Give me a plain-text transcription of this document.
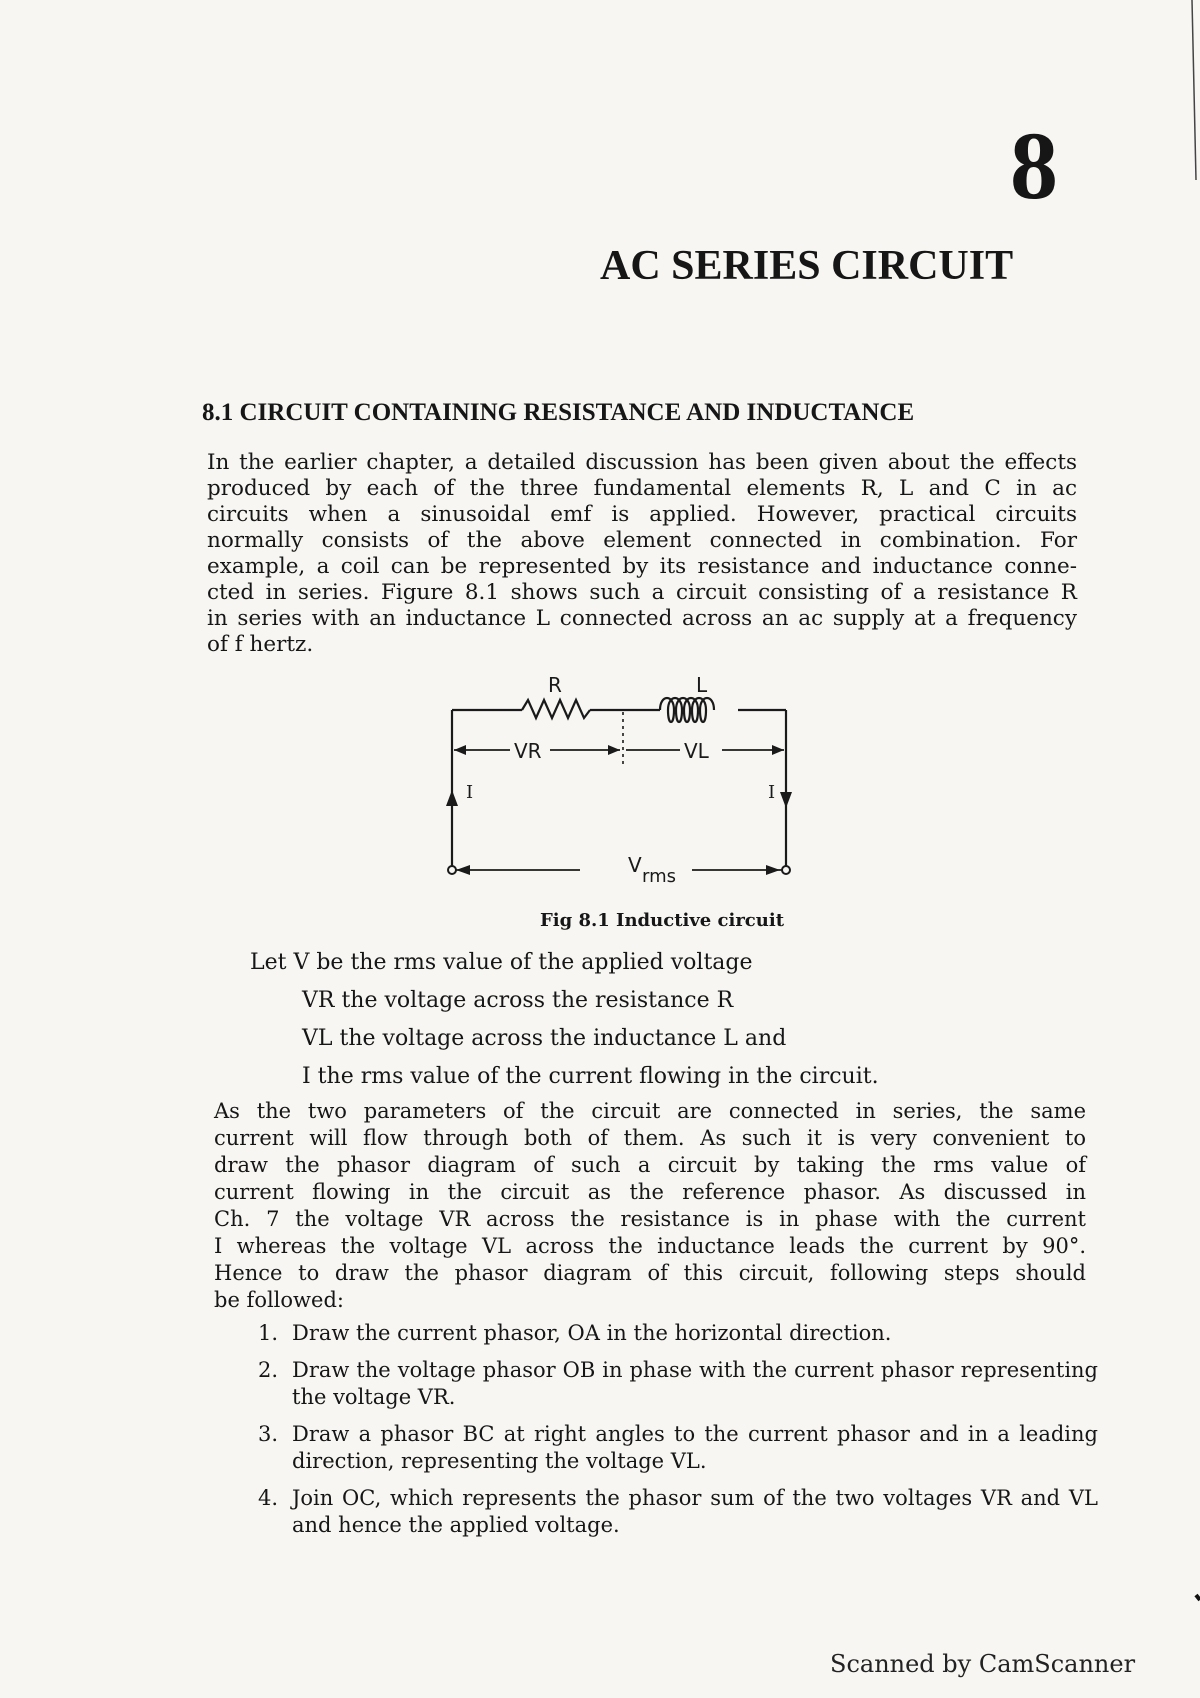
8
AC SERIES CIRCUIT
8.1 CIRCUIT CONTAINING RESISTANCE AND INDUCTANCE

In the earlier chapter, a detailed discussion has been given about the effects
produced by each of the three fundamental elements R, L and C in ac
circuits when a sinusoidal emf is applied. However, practical circuits
normally consists of the above element connected in combination. For
example, a coil can be represented by its resistance and inductance conne-
cted in series. Figure 8.1 shows such a circuit consisting of a resistance R
in series with an inductance L connected across an ac supply at a frequency
of f hertz.

R	L
VR	VL
I	I
V rms
Fig 8.1 Inductive circuit
Let V be the rms value of the applied voltage
VR the voltage across the resistance R
VL the voltage across the inductance L and
I the rms value of the current flowing in the circuit.

As the two parameters of the circuit are connected in series, the same
current will flow through both of them. As such it is very convenient to
draw the phasor diagram of such a circuit by taking the rms value of
current flowing in the circuit as the reference phasor. As discussed in
Ch. 7 the voltage VR across the resistance is in phase with the current
I whereas the voltage VL across the inductance leads the current by 90°.
Hence to draw the phasor diagram of this circuit, following steps should
be followed:

1. Draw the current phasor, OA in the horizontal direction.
2. Draw the voltage phasor OB in phase with the current phasor representing the voltage VR.
3. Draw a phasor BC at right angles to the current phasor and in a leading direction, representing the voltage VL.
4. Join OC, which represents the phasor sum of the two voltages VR and VL and hence the applied voltage.
Scanned by CamScanner
